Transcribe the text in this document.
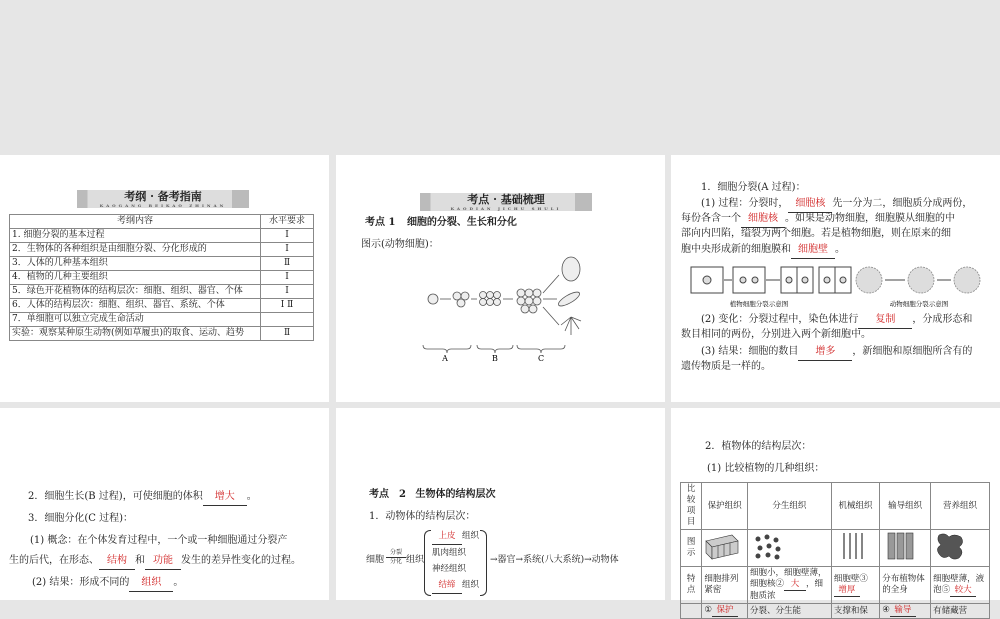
考纲 · 备考指南
KAOGANG BEIKAO ZHINAN
考纲内容	水平要求
1. 细胞分裂的基本过程	Ⅰ
2．生物体的各种组织是由细胞分裂、分化形成的	Ⅰ
3．人体的几种基本组织	Ⅱ
4．植物的几种主要组织	Ⅰ
5．绿色开花植物体的结构层次：细胞、组织、器官、个体	Ⅰ
6．人体的结构层次：细胞、组织、器官、系统、个体	Ⅰ Ⅱ
7．单细胞可以独立完成生命活动	
实验：观察某种原生动物(例如草履虫)的取食、运动、趋势	Ⅱ
考点 · 基础梳理
KAODIAN JICHU SHULI
考点 1 细胞的分裂、生长和分化
图示(动物细胞)：
A	B	C
1．细胞分裂(A 过程)：
(1) 过程：分裂时， 细胞核 先一分为二，细胞质分成两份，
每份各含一个 细胞核 。如果是动物细胞，细胞膜从细胞的中
部向内凹陷，缢裂为两个细胞。若是植物细胞，则在原来的细
胞中央形成新的细胞膜和 细胞壁 。
植物细胞分裂示意图	动物细胞分裂示意图
(2) 变化：分裂过程中，染色体进行 复制 ，分成形态和
数目相同的两份，分别进入两个新细胞中。
(3) 结果：细胞的数目 增多 ，新细胞和原细胞所含有的
遗传物质是一样的。
2．细胞生长(B 过程)，可使细胞的体积 增大 。
3．细胞分化(C 过程)：
(1) 概念：在个体发育过程中，一个或一种细胞通过分裂产
生的后代，在形态、 结构 和 功能 发生的差异性变化的过程。
(2) 结果：形成不同的 组织 。
考点　2 生物体的结构层次
1．动物体的结构层次：
细胞
分裂
分化 组织
上皮 组织
肌肉组织
神经组织
结缔 组织
→器官→系统(八大系统)→动物体
2．植物体的结构层次：
(1) 比较植物的几种组织：
比较项目	保护组织	分生组织	机械组织	输导组织	营养组织
图示					
特点	细胞排列紧密	细胞小，细胞壁薄，细胞核② 大 ，细胞质浓	细胞壁③增厚	分布植物体的全身	细胞壁薄，液泡⑤ 较大
	① 保护	分裂、分生能	支撑和保	④ 输导	有储藏营
